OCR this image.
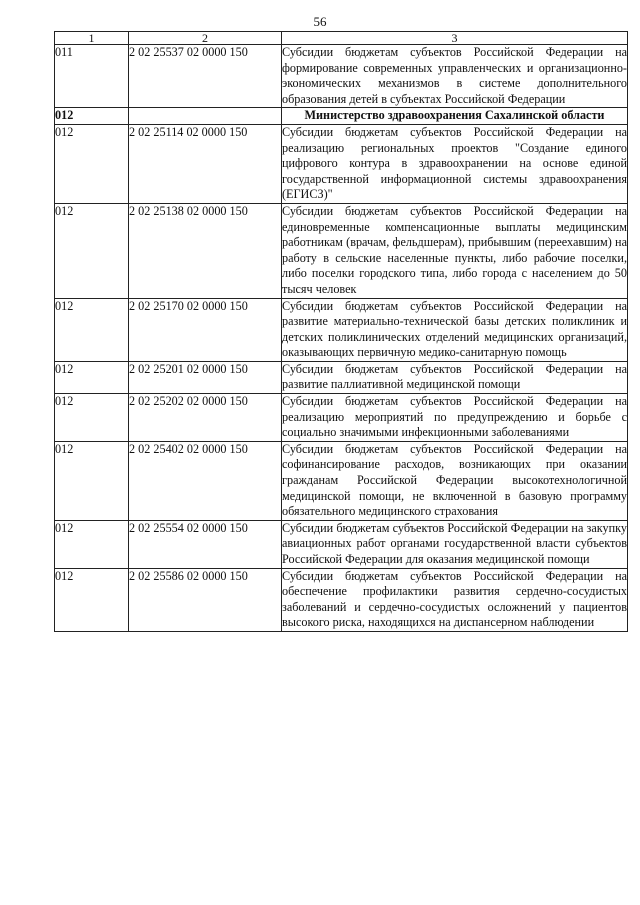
56
1	2	3
011	2 02 25537 02 0000 150	Субсидии бюджетам субъектов Российской Федерации на формирование современных управленческих и организационно-экономических механизмов в системе дополнительного образования детей в субъектах Российской Федерации
012		Министерство здравоохранения Сахалинской области
012	2 02 25114 02 0000 150	Субсидии бюджетам субъектов Российской Федерации на реализацию региональных проектов "Создание единого цифрового контура в здравоохранении на основе единой государственной информационной системы здравоохранения (ЕГИСЗ)"
012	2 02 25138 02 0000 150	Субсидии бюджетам субъектов Российской Федерации на единовременные компенсационные выплаты медицинским работникам (врачам, фельдшерам), прибывшим (переехавшим) на работу в сельские населенные пункты, либо рабочие поселки, либо поселки городского типа, либо города с населением до 50 тысяч человек
012	2 02 25170 02 0000 150	Субсидии бюджетам субъектов Российской Федерации на развитие материально-технической базы детских поликлиник и детских поликлинических отделений медицинских организаций, оказывающих первичную медико-санитарную помощь
012	2 02 25201 02 0000 150	Субсидии бюджетам субъектов Российской Федерации на развитие паллиативной медицинской помощи
012	2 02 25202 02 0000 150	Субсидии бюджетам субъектов Российской Федерации на реализацию мероприятий по предупреждению и борьбе с социально значимыми инфекционными заболеваниями
012	2 02 25402 02 0000 150	Субсидии бюджетам субъектов Российской Федерации на софинансирование расходов, возникающих при оказании гражданам Российской Федерации высокотехнологичной медицинской помощи, не включенной в базовую программу обязательного медицинского страхования
012	2 02 25554 02 0000 150	Субсидии бюджетам субъектов Российской Федерации на закупку авиационных работ органами государственной власти субъектов Российской Федерации для оказания медицинской помощи
012	2 02 25586 02 0000 150	Субсидии бюджетам субъектов Российской Федерации на обеспечение профилактики развития сердечно-сосудистых заболеваний и сердечно-сосудистых осложнений у пациентов высокого риска, находящихся на диспансерном наблюдении
